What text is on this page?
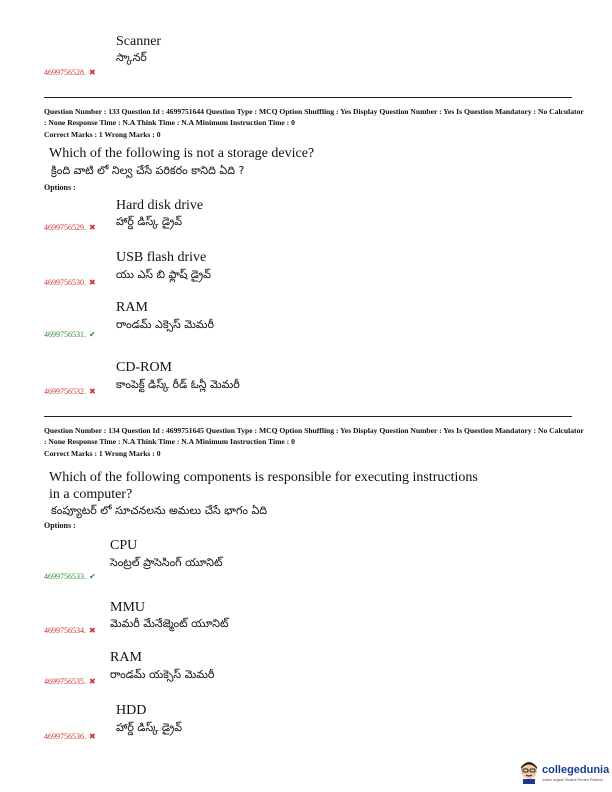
Scanner
స్కానర్
4699756528. ✖
Question Number : 133 Question Id : 4699751644 Question Type : MCQ Option Shuffling : Yes Display Question Number : Yes Is Question Mandatory : No Calculator : None Response Time : N.A Think Time : N.A Minimum Instruction Time : 0
Correct Marks : 1 Wrong Marks : 0
Which of the following is not a storage device?
క్రింది వాటి లో నిల్వ చేసే పరికరం కానిది ఏది ?
Options :
Hard disk drive
హార్డ్ డిస్క్ డ్రైవ్
4699756529. ✖
USB flash drive
యు ఎస్ బి ఫ్లాష్ డ్రైవ్
4699756530. ✖
RAM
రాండమ్ ఎక్సెస్ మెమరీ
4699756531. ✔
CD-ROM
కాంపెక్ట్ డిస్క్ రీడ్ ఓన్లీ మెమరీ
4699756532. ✖
Question Number : 134 Question Id : 4699751645 Question Type : MCQ Option Shuffling : Yes Display Question Number : Yes Is Question Mandatory : No Calculator : None Response Time : N.A Think Time : N.A Minimum Instruction Time : 0
Correct Marks : 1 Wrong Marks : 0
Which of the following components is responsible for executing instructions
in a computer?
కంప్యూటర్ లో సూచనలను అమలు చేసే భాగం ఏది
Options :
CPU
సెంట్రల్ ప్రాసెసింగ్ యూనిట్
4699756533. ✔
MMU
మెమరీ మేనేజ్మెంట్ యూనిట్
4699756534. ✖
RAM
రాండమ్ యక్సెస్ మెమరీ
4699756535. ✖
HDD
హార్డ్ డిస్క్ డ్రైవ్
4699756536. ✖
collegedunia
India's largest Student Review Platform
